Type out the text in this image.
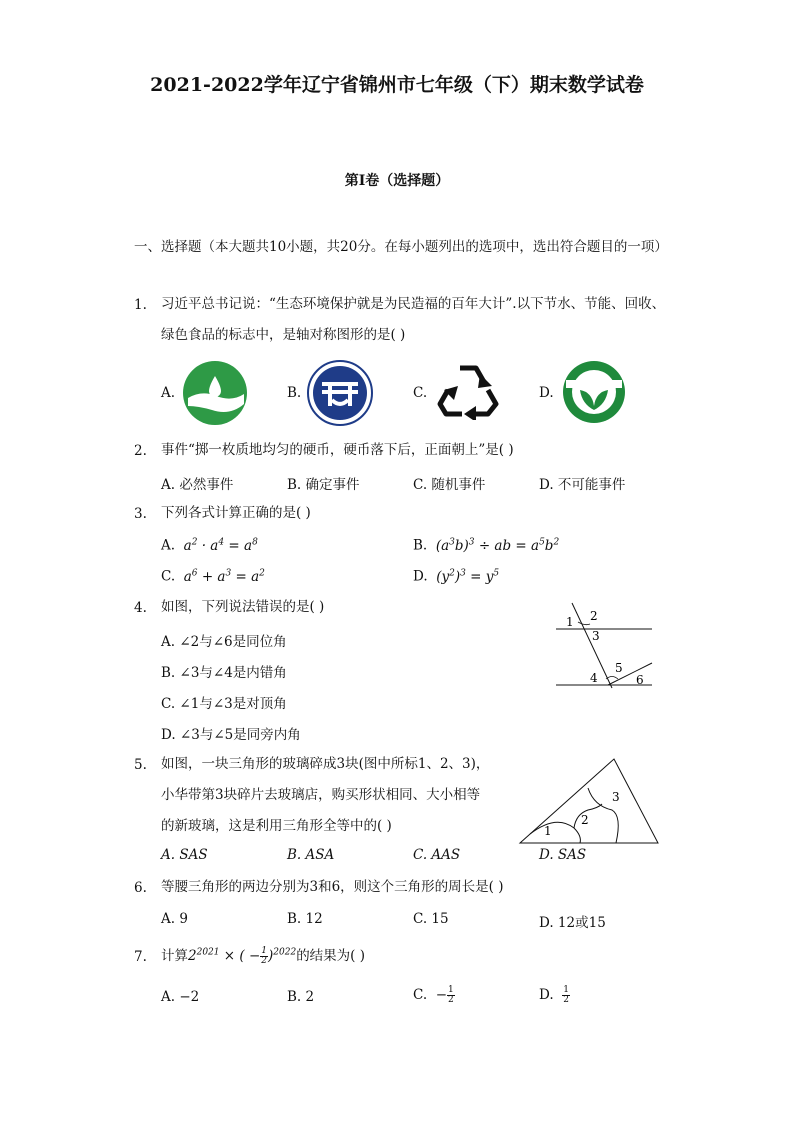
2021-2022学年辽宁省锦州市七年级（下）期末数学试卷
第I卷（选择题）
一、选择题（本大题共10小题，共20分。在每小题列出的选项中，选出符合题目的一项）
1. 习近平总书记说：“生态环境保护就是为民造福的百年大计”.以下节水、节能、回收、绿色食品的标志中，是轴对称图形的是( )
A.	B.	C.	D.
2. 事件“掷一枚质地均匀的硬币，硬币落下后，正面朝上”是( )
A. 必然事件	B. 确定事件	C. 随机事件	D. 不可能事件
3. 下列各式计算正确的是( )
A. $a^2 \cdot a^4 = a^8$	B. $(a^3b)^3$ ÷ ab = $a^5b^2$
C. $a^6 + a^3 = a^2$	D. $(y^2)^3 = y^5$
4. 如图，下列说法错误的是( )
A. ∠2与∠6是同位角
B. ∠3与∠4是内错角
C. ∠1与∠3是对顶角
D. ∠3与∠5是同旁内角
2
1
3
4
5
6
5. 如图，一块三角形的玻璃碎成3块(图中所标1、2、3)，
小华带第3块碎片去玻璃店，购买形状相同、大小相等
的新玻璃，这是利用三角形全等中的( )
A. SAS	B. ASA	C. AAS	D. SAS
1
2
3
6. 等腰三角形的两边分别为3和6，则这个三角形的周长是( )
A. 9	B. 12	C. 15	D. 12或15
7. 计算$2^{2021}$ × ( − $\frac{1}{2} )^{2022}$的结果为( )
A. −2	B. 2	C.  − $\frac{1}{2}$	D. $\frac{1}{2}$
